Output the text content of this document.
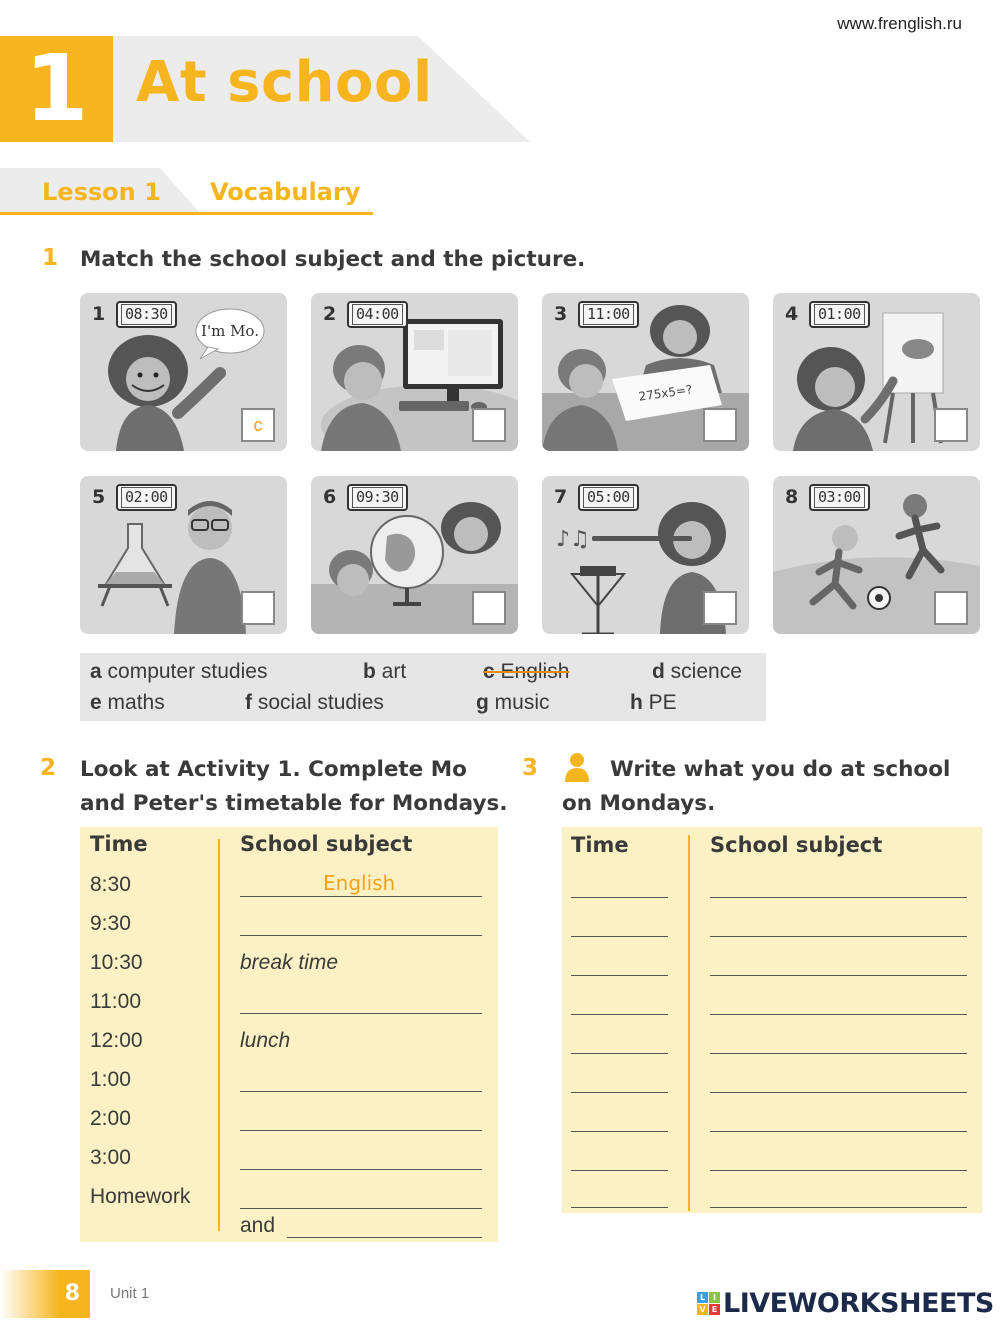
www.frenglish.ru
1 At school
Lesson 1 Vocabulary
1 Match the school subject and the picture.
I'm Mo.
1 08:30
c
2 04:00
275x5=?
3 11:00	4 01:00
5 02:00	6 09:30
♪♫
7 05:00	8 03:00
a computer studies	b art	c English	d science
e maths	f social studies	g music	h PE
2 Look at Activity 1. Complete Mo
and Peter's timetable for Mondays.
Time	School subject
8:30	English
9:30
10:30	break time
11:00
12:00	lunch
1:00
2:00
3:00
Homework
and
3	Write what you do at school
on Mondays.
Time	School subject
8	Unit 1	L I
V E LIVEWORKSHEETS
